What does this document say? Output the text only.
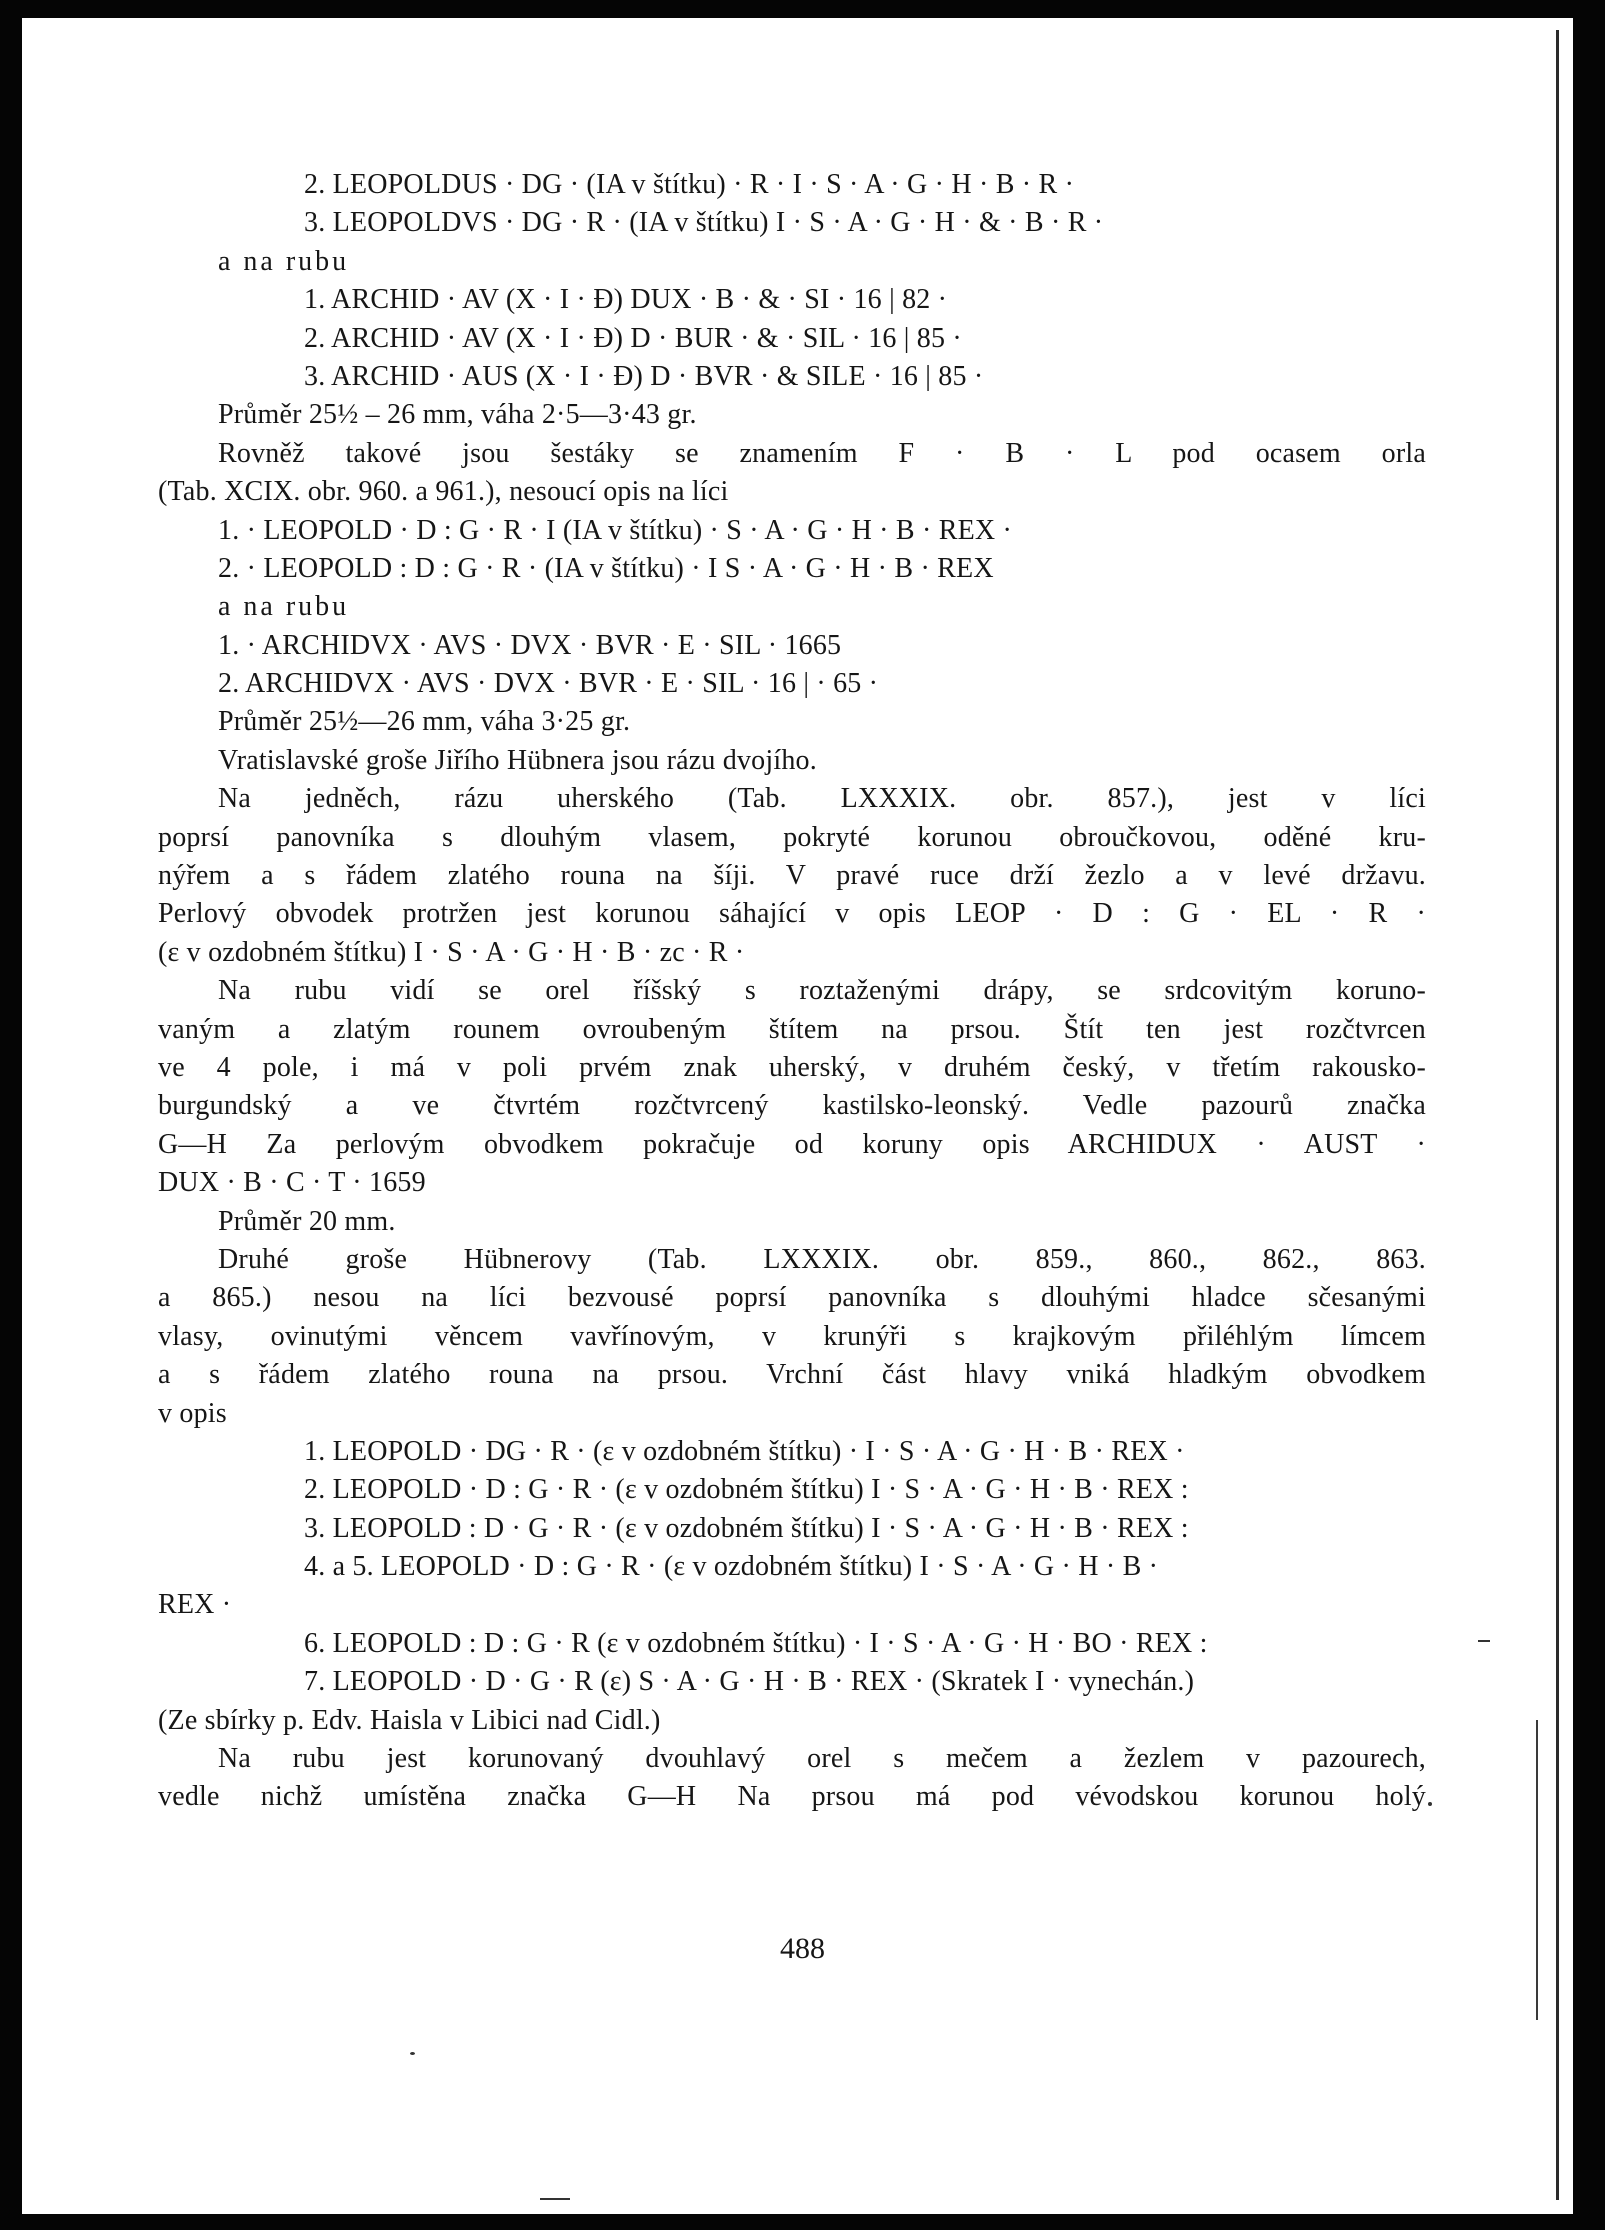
2. LEOPOLDUS · DG · (IA v štítku) · R · I · S · A · G · H · B · R ·
3. LEOPOLDVS · DG · R · (IA v štítku) I · S · A · G · H · & · B · R ·
a na rubu
1. ARCHID · AV (X · I · Đ) DUX · B · & · SI · 16 | 82 ·
2. ARCHID · AV (X · I · Đ) D · BUR · & · SIL · 16 | 85 ·
3. ARCHID · AUS (X · I · Đ) D · BVR · & SILE · 16 | 85 ·
Průměr 25½ – 26 mm, váha 2·5—3·43 gr.
Rovněž takové jsou šestáky se znamením F · B · L pod ocasem orla
(Tab. XCIX. obr. 960. a 961.), nesoucí opis na líci
1. · LEOPOLD · D : G · R · I (IA v štítku) · S · A · G · H · B · REX ·
2. · LEOPOLD : D : G · R · (IA v štítku) · I S · A · G · H · B · REX
a na rubu
1. · ARCHIDVX · AVS · DVX · BVR · E · SIL · 1665
2. ARCHIDVX · AVS · DVX · BVR · E · SIL · 16 | · 65 ·
Průměr 25½—26 mm, váha 3·25 gr.
Vratislavské groše Jiřího Hübnera jsou rázu dvojího.
Na jedněch, rázu uherského (Tab. LXXXIX. obr. 857.), jest v líci
poprsí panovníka s dlouhým vlasem, pokryté korunou obroučkovou, oděné kru-
nýřem a s řádem zlatého rouna na šíji. V pravé ruce drží žezlo a v levé državu.
Perlový obvodek protržen jest korunou sáhající v opis LEOP · D : G · EL · R ·
(ɛ v ozdobném štítku) I · S · A · G · H · B · zc · R ·
Na rubu vidí se orel říšský s roztaženými drápy, se srdcovitým koruno-
vaným a zlatým rounem ovroubeným štítem na prsou. Štít ten jest rozčtvrcen
ve 4 pole, i má v poli prvém znak uherský, v druhém český, v třetím rakousko-
burgundský a ve čtvrtém rozčtvrcený kastilsko-leonský. Vedle pazourů značka
G—H Za perlovým obvodkem pokračuje od koruny opis ARCHIDUX · AUST ·
DUX · B · C · T · 1659
Průměr 20 mm.
Druhé groše Hübnerovy (Tab. LXXXIX. obr. 859., 860., 862., 863.
a 865.) nesou na líci bezvousé poprsí panovníka s dlouhými hladce sčesanými
vlasy, ovinutými věncem vavřínovým, v krunýři s krajkovým přiléhlým límcem
a s řádem zlatého rouna na prsou. Vrchní část hlavy vniká hladkým obvodkem
v opis
1. LEOPOLD · DG · R · (ɛ v ozdobném štítku) · I · S · A · G · H · B · REX ·
2. LEOPOLD · D : G · R · (ɛ v ozdobném štítku) I · S · A · G · H · B · REX :
3. LEOPOLD : D · G · R · (ɛ v ozdobném štítku) I · S · A · G · H · B · REX :
4. a 5. LEOPOLD · D : G · R · (ɛ v ozdobném štítku) I · S · A · G · H · B ·
REX ·
6. LEOPOLD : D : G · R (ɛ v ozdobném štítku) · I · S · A · G · H · BO · REX :
7. LEOPOLD · D · G · R (ɛ) S · A · G · H · B · REX · (Skratek I · vynechán.)
(Ze sbírky p. Edv. Haisla v Libici nad Cidl.)
Na rubu jest korunovaný dvouhlavý orel s mečem a žezlem v pazourech,
vedle nichž umístěna značka G—H Na prsou má pod vévodskou korunou holý
488
